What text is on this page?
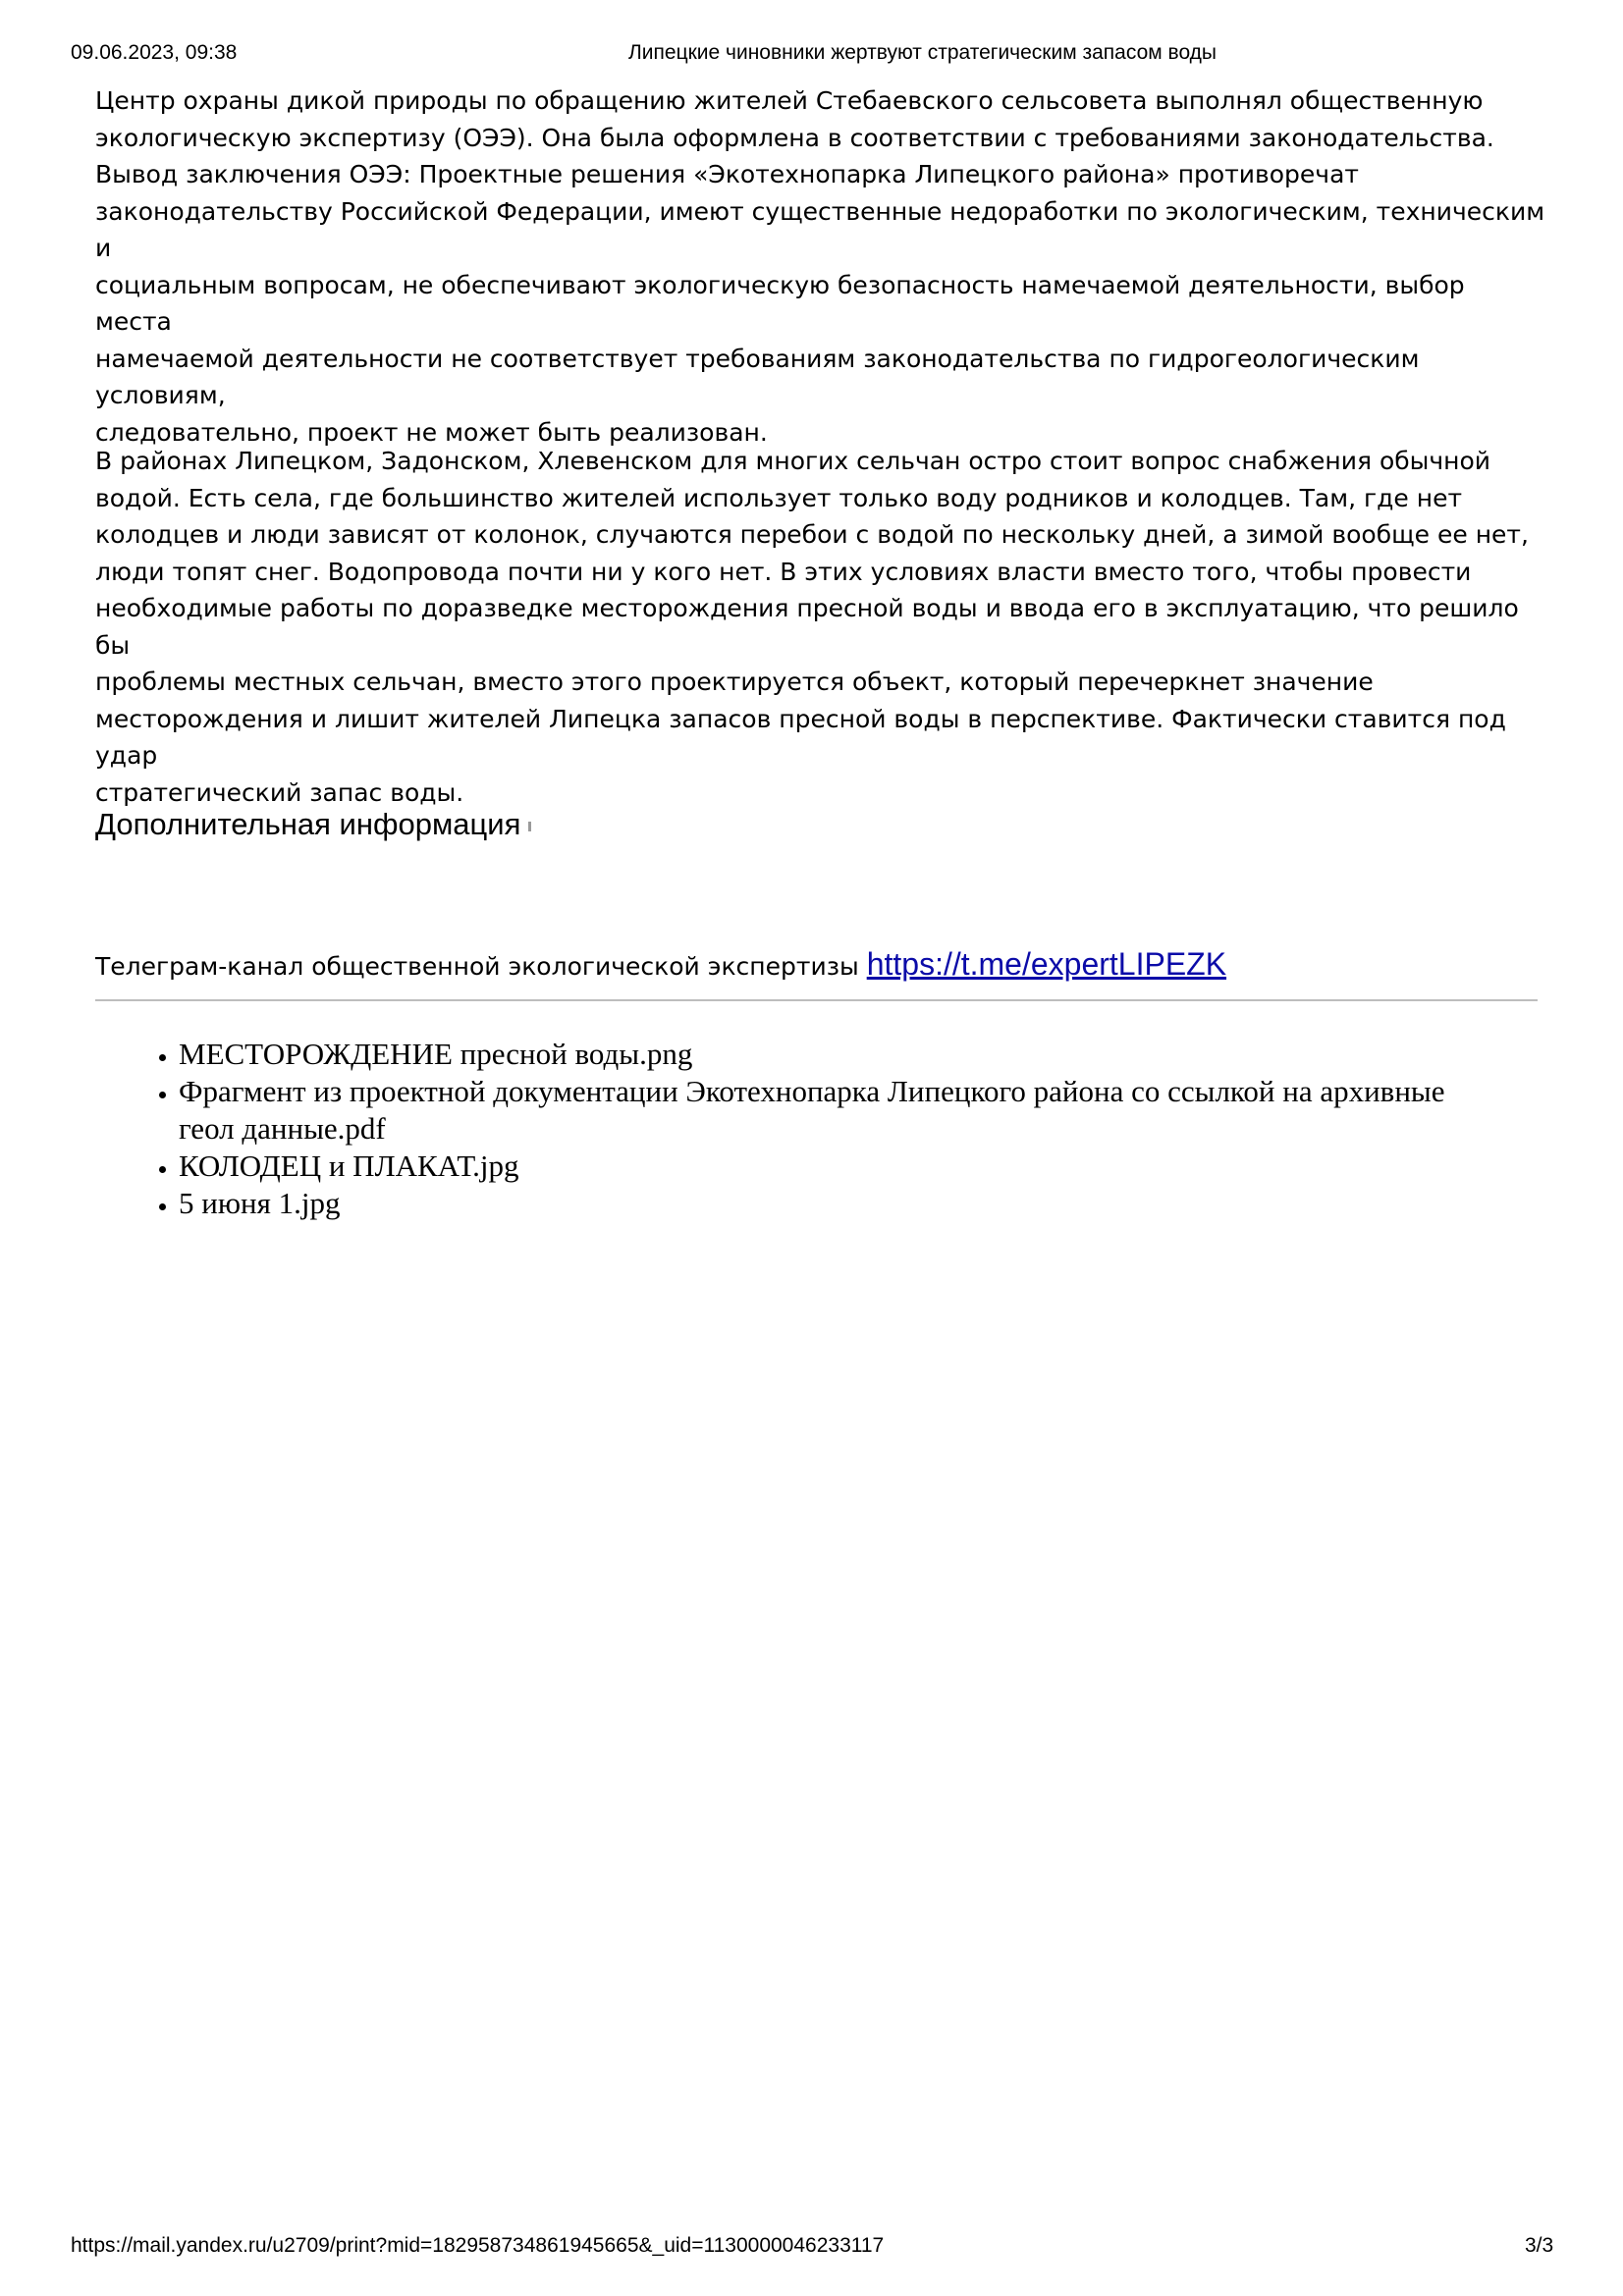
09.06.2023, 09:38	Липецкие чиновники жертвуют стратегическим запасом воды

Центр охраны дикой природы по обращению жителей Стебаевского сельсовета выполнял общественную
экологическую экспертизу (ОЭЭ). Она была оформлена в соответствии с требованиями законодательства.
Вывод заключения ОЭЭ: Проектные решения «Экотехнопарка Липецкого района» противоречат
законодательству Российской Федерации, имеют существенные недоработки по экологическим, техническим и
социальным вопросам, не обеспечивают экологическую безопасность намечаемой деятельности, выбор места
намечаемой деятельности не соответствует требованиям законодательства по гидрогеологическим условиям,
следовательно, проект не может быть реализован.

В районах Липецком, Задонском, Хлевенском для многих сельчан остро стоит вопрос снабжения обычной
водой. Есть села, где большинство жителей использует только воду родников и колодцев. Там, где нет
колодцев и люди зависят от колонок, случаются перебои с водой по нескольку дней, а зимой вообще ее нет,
люди топят снег. Водопровода почти ни у кого нет. В этих условиях власти вместо того, чтобы провести
необходимые работы по доразведке месторождения пресной воды и ввода его в эксплуатацию, что решило бы
проблемы местных сельчан, вместо этого проектируется объект, который перечеркнет значение
месторождения и лишит жителей Липецка запасов пресной воды в перспективе. Фактически ставится под удар
стратегический запас воды.

Дополнительная информация
Телеграм-канал общественной экологической экспертизы https://t.me/expertLIPEZK
• МЕСТОРОЖДЕНИЕ пресной воды.png
• Фрагмент из проектной документации Экотехнопарка Липецкого района со ссылкой на архивные геол данные.pdf
• КОЛОДЕЦ и ПЛАКАТ.jpg
• 5 июня 1.jpg
https://mail.yandex.ru/u2709/print?mid=182958734861945665&_uid=1130000046233117	3/3
